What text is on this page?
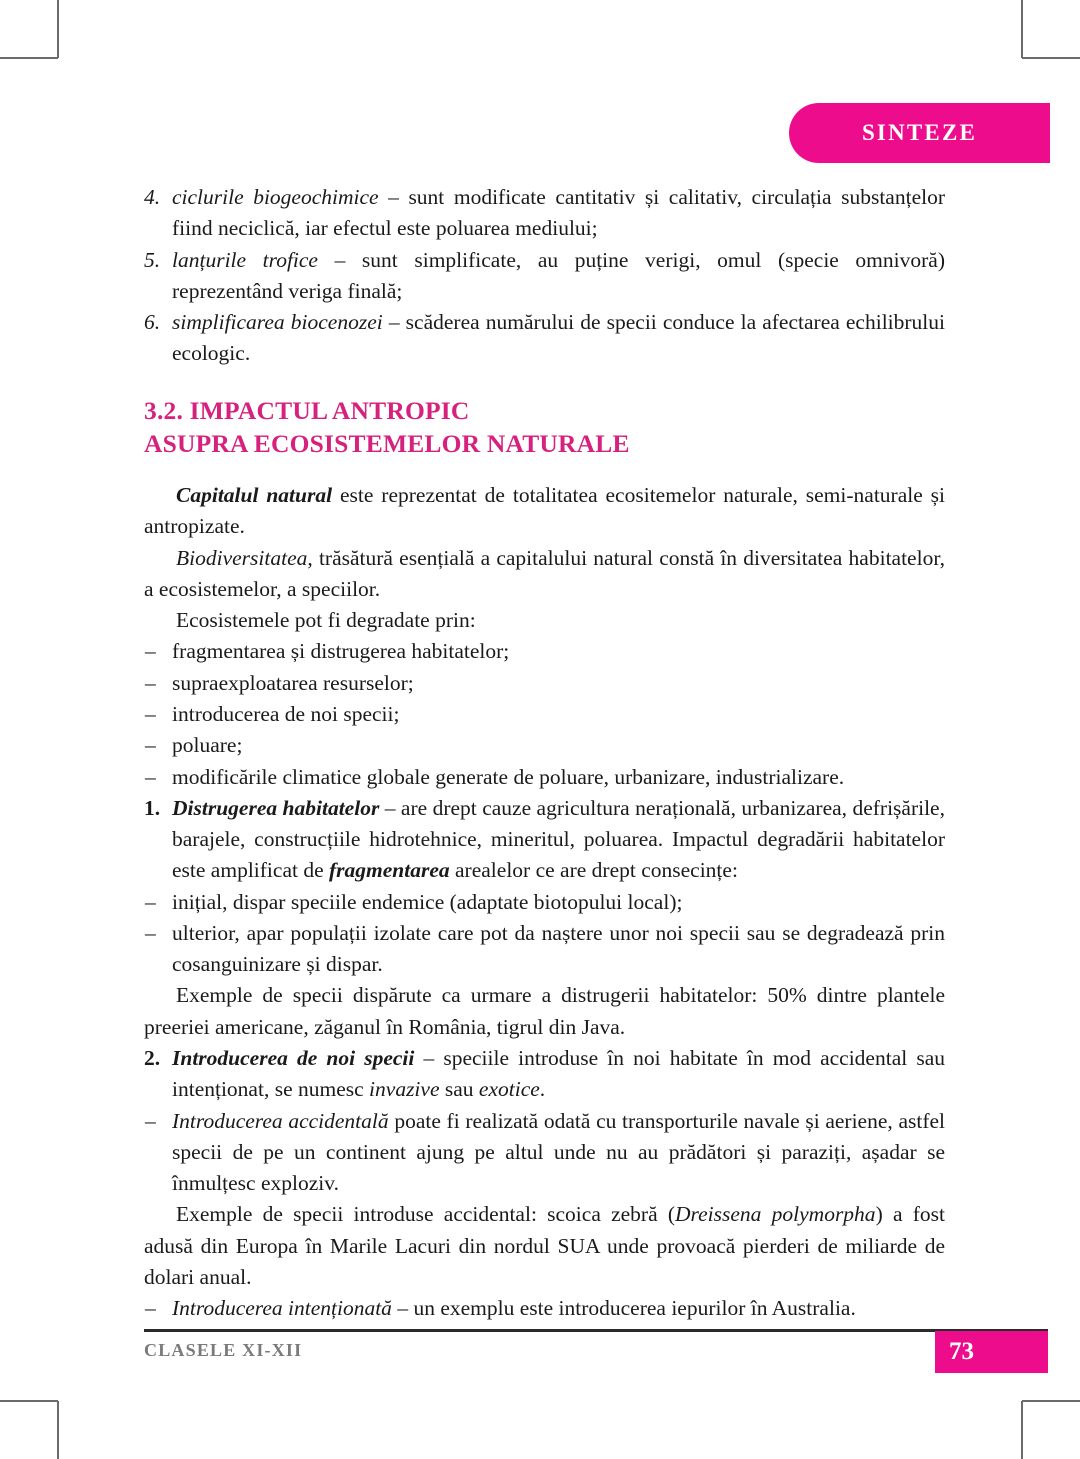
SINTEZE

4. ciclurile biogeochimice – sunt modificate cantitativ și calitativ, circulația substanțelor fiind neciclică, iar efectul este poluarea mediului;

5. lanțurile trofice – sunt simplificate, au puține verigi, omul (specie omnivoră) reprezentând veriga finală;

6. simplificarea biocenozei – scăderea numărului de specii conduce la afectarea echilibrului ecologic.

3.2. IMPACTUL ANTROPIC
ASUPRA ECOSISTEMELOR NATURALE

Capitalul natural este reprezentat de totalitatea ecositemelor naturale, semi-naturale și antropizate.

Biodiversitatea, trăsătură esențială a capitalului natural constă în diversitatea habitatelor, a ecosistemelor, a speciilor.

Ecosistemele pot fi degradate prin:

– fragmentarea și distrugerea habitatelor;

– supraexploatarea resurselor;

– introducerea de noi specii;

– poluare;

– modificările climatice globale generate de poluare, urbanizare, industrializare.

1. Distrugerea habitatelor – are drept cauze agricultura nerațională, urbanizarea, defrișările, barajele, construcțiile hidrotehnice, mineritul, poluarea. Impactul degradării habitatelor este amplificat de fragmentarea arealelor ce are drept consecințe:

– inițial, dispar speciile endemice (adaptate biotopului local);

– ulterior, apar populații izolate care pot da naștere unor noi specii sau se degradează prin cosanguinizare și dispar.

Exemple de specii dispărute ca urmare a distrugerii habitatelor: 50% dintre plantele preeriei americane, zăganul în România, tigrul din Java.

2. Introducerea de noi specii – speciile introduse în noi habitate în mod accidental sau intenționat, se numesc invazive sau exotice.

– Introducerea accidentală poate fi realizată odată cu transporturile navale și aeriene, astfel specii de pe un continent ajung pe altul unde nu au prădători și paraziți, așadar se înmulțesc exploziv.

Exemple de specii introduse accidental: scoica zebră (Dreissena polymorpha) a fost adusă din Europa în Marile Lacuri din nordul SUA unde provoacă pierderi de miliarde de dolari anual.

– Introducerea intenționată – un exemplu este introducerea iepurilor în Australia.

CLASELE XI-XII	73
